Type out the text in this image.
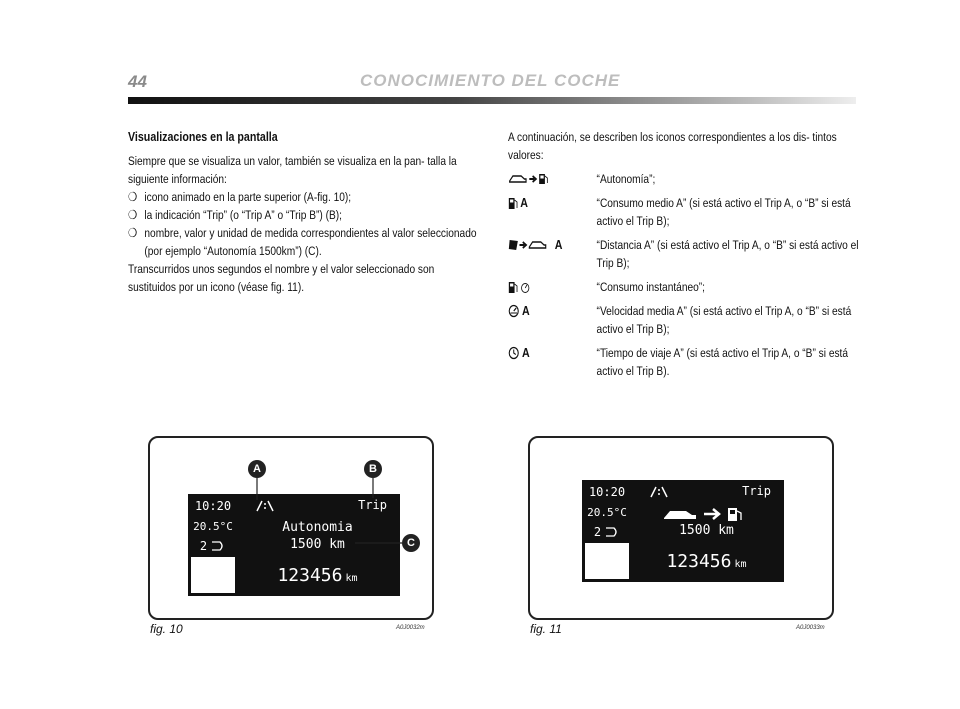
44	CONOCIMIENTO DEL COCHE
Visualizaciones en la pantalla

Siempre que se visualiza un valor, también se visualiza en la pan- talla la siguiente información:

❍ icono animado en la parte superior (A-fig. 10);
❍ la indicación “Trip” (o “Trip A” o “Trip B”) (B);
❍ nombre, valor y unidad de medida correspondientes al valor seleccionado (por ejemplo “Autonomía 1500km”) (C).

Transcurridos unos segundos el nombre y el valor seleccionado son sustituidos por un icono (véase fig. 11).

A continuación, se describen los iconos correspondientes a los dis- tintos valores:

“Autonomía”;
A	“Consumo medio A” (si está activo el Trip A, o “B” si está activo el Trip B);
A	“Distancia A” (si está activo el Trip A, o “B” si está activo el Trip B);
“Consumo instantáneo”;
A	“Velocidad media A” (si está activo el Trip A, o “B” si está activo el Trip B);
A	“Tiempo de viaje A” (si está activo el Trip A, o “B” si está activo el Trip B).
10:20
20.5°C
2
Trip
Autonomia
1500 km
123456 km
A	B
C
fig. 10	A0J0032m
10:20
20.5°C
2
Trip
1500 km
123456 km
fig. 11	A0J0033m
